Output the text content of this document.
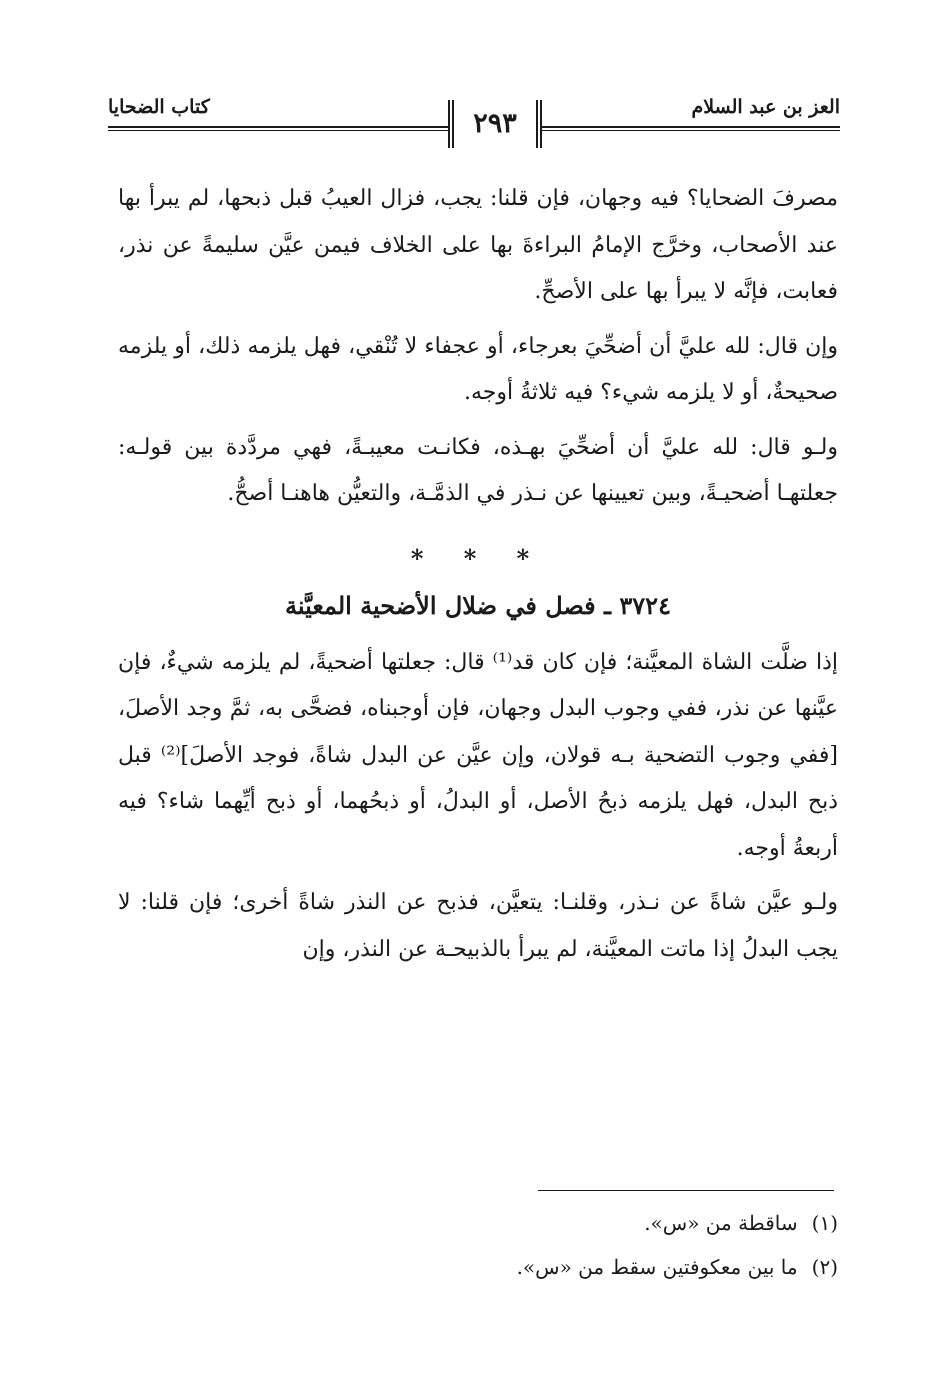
العز بن عبد السلام
كتاب الضحايا
٢٩٣

مصرفَ الضحايا؟ فيه وجهان، فإن قلنا: يجب، فزال العيبُ قبل ذبحها، لم يبرأ بها عند الأصحاب، وخرَّج الإمامُ البراءةَ بها على الخلاف فيمن عيَّن سليمةً عن نذر، فعابت، فإنَّه لا يبرأ بها على الأصحِّ.

وإن قال: لله عليَّ أن أضحِّيَ بعرجاء، أو عجفاء لا تُنْقي، فهل يلزمه ذلك، أو يلزمه صحيحةٌ، أو لا يلزمه شيء؟ فيه ثلاثةُ أوجه.

ولـو قال: لله عليَّ أن أضحِّيَ بهـذه، فكانـت معيبـةً، فهي مردَّدة بين قولـه: جعلتهـا أضحيـةً، وبين تعيينها عن نـذر في الذمَّـة، والتعيُّن هاهنـا أصحُّ.

* * *
٣٧٢٤ ـ فصل في ضلال الأضحية المعيَّنة

إذا ضلَّت الشاة المعيَّنة؛ فإن كان قد⁽¹⁾ قال: جعلتها أضحيةً، لم يلزمه شيءٌ، فإن عيَّنها عن نذر، ففي وجوب البدل وجهان، فإن أوجبناه، فضحَّى به، ثمَّ وجد الأصلَ، [ففي وجوب التضحية بـه قولان، وإن عيَّن عن البدل شاةً، فوجد الأصلَ]⁽²⁾ قبل ذبح البدل، فهل يلزمه ذبحُ الأصل، أو البدلُ، أو ذبحُهما، أو ذبح أيِّهما شاء؟ فيه أربعةُ أوجه.

ولـو عيَّن شاةً عن نـذر، وقلنـا: يتعيَّن، فذبح عن النذر شاةً أخرى؛ فإن قلنا: لا يجب البدلُ إذا ماتت المعيَّنة، لم يبرأ بالذبيحـة عن النذر، وإن

(١)ساقطة من «س».

(٢)ما بين معكوفتين سقط من «س».
